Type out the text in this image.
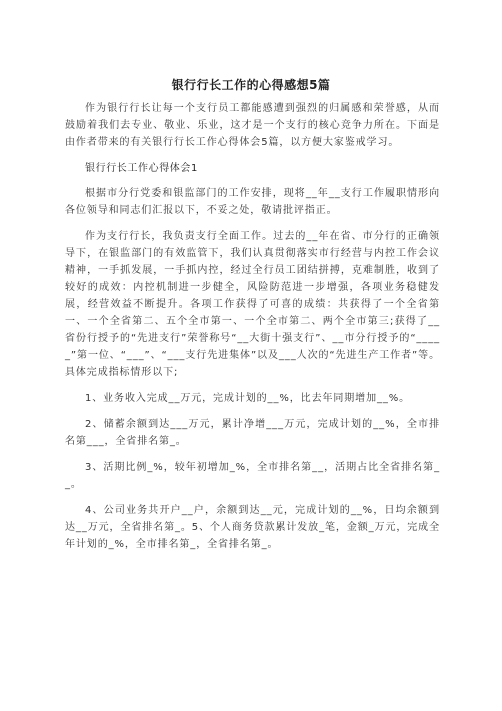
银行行长工作的心得感想5篇

作为银行行长让每一个支行员工都能感遭到强烈的归属感和荣誉感，从而鼓励着我们去专业、敬业、乐业，这才是一个支行的核心竞争力所在。下面是由作者带来的有关银行行长工作心得体会5篇，以方便大家鉴戒学习。

银行行长工作心得体会1

根据市分行党委和银监部门的工作安排，现将__年__支行工作履职情形向各位领导和同志们汇报以下，不妥之处，敬请批评指正。

作为支行行长，我负责支行全面工作。过去的__年在省、市分行的正确领导下，在银监部门的有效监管下，我们认真贯彻落实市行经营与内控工作会议精神，一手抓发展，一手抓内控，经过全行员工团结拼搏，克难制胜，收到了较好的成效：内控机制进一步健全，风险防范进一步增强，各项业务稳健发展，经营效益不断提升。各项工作获得了可喜的成绩：共获得了一个全省第一、一个全省第二、五个全市第一、一个全市第二、两个全市第三;获得了__省份行授予的“先进支行”荣誉称号“__大街十强支行”、__市分行授予的“_____”第一位、“___”、“___支行先进集体”以及___人次的“先进生产工作者”等。具体完成指标情形以下;

1、业务收入完成__万元，完成计划的__%，比去年同期增加__%。

2、储蓄余额到达___万元，累计净增___万元，完成计划的__%，全市排名第___，全省排名第_。

3、活期比例_%，较年初增加_%，全市排名第__，活期占比全省排名第__。

4、公司业务共开户__户，余额到达__元，完成计划的__%，日均余额到达__万元，全省排名第_。5、个人商务贷款累计发放_笔，金额_万元，完成全年计划的_%，全市排名第_，全省排名第_。
